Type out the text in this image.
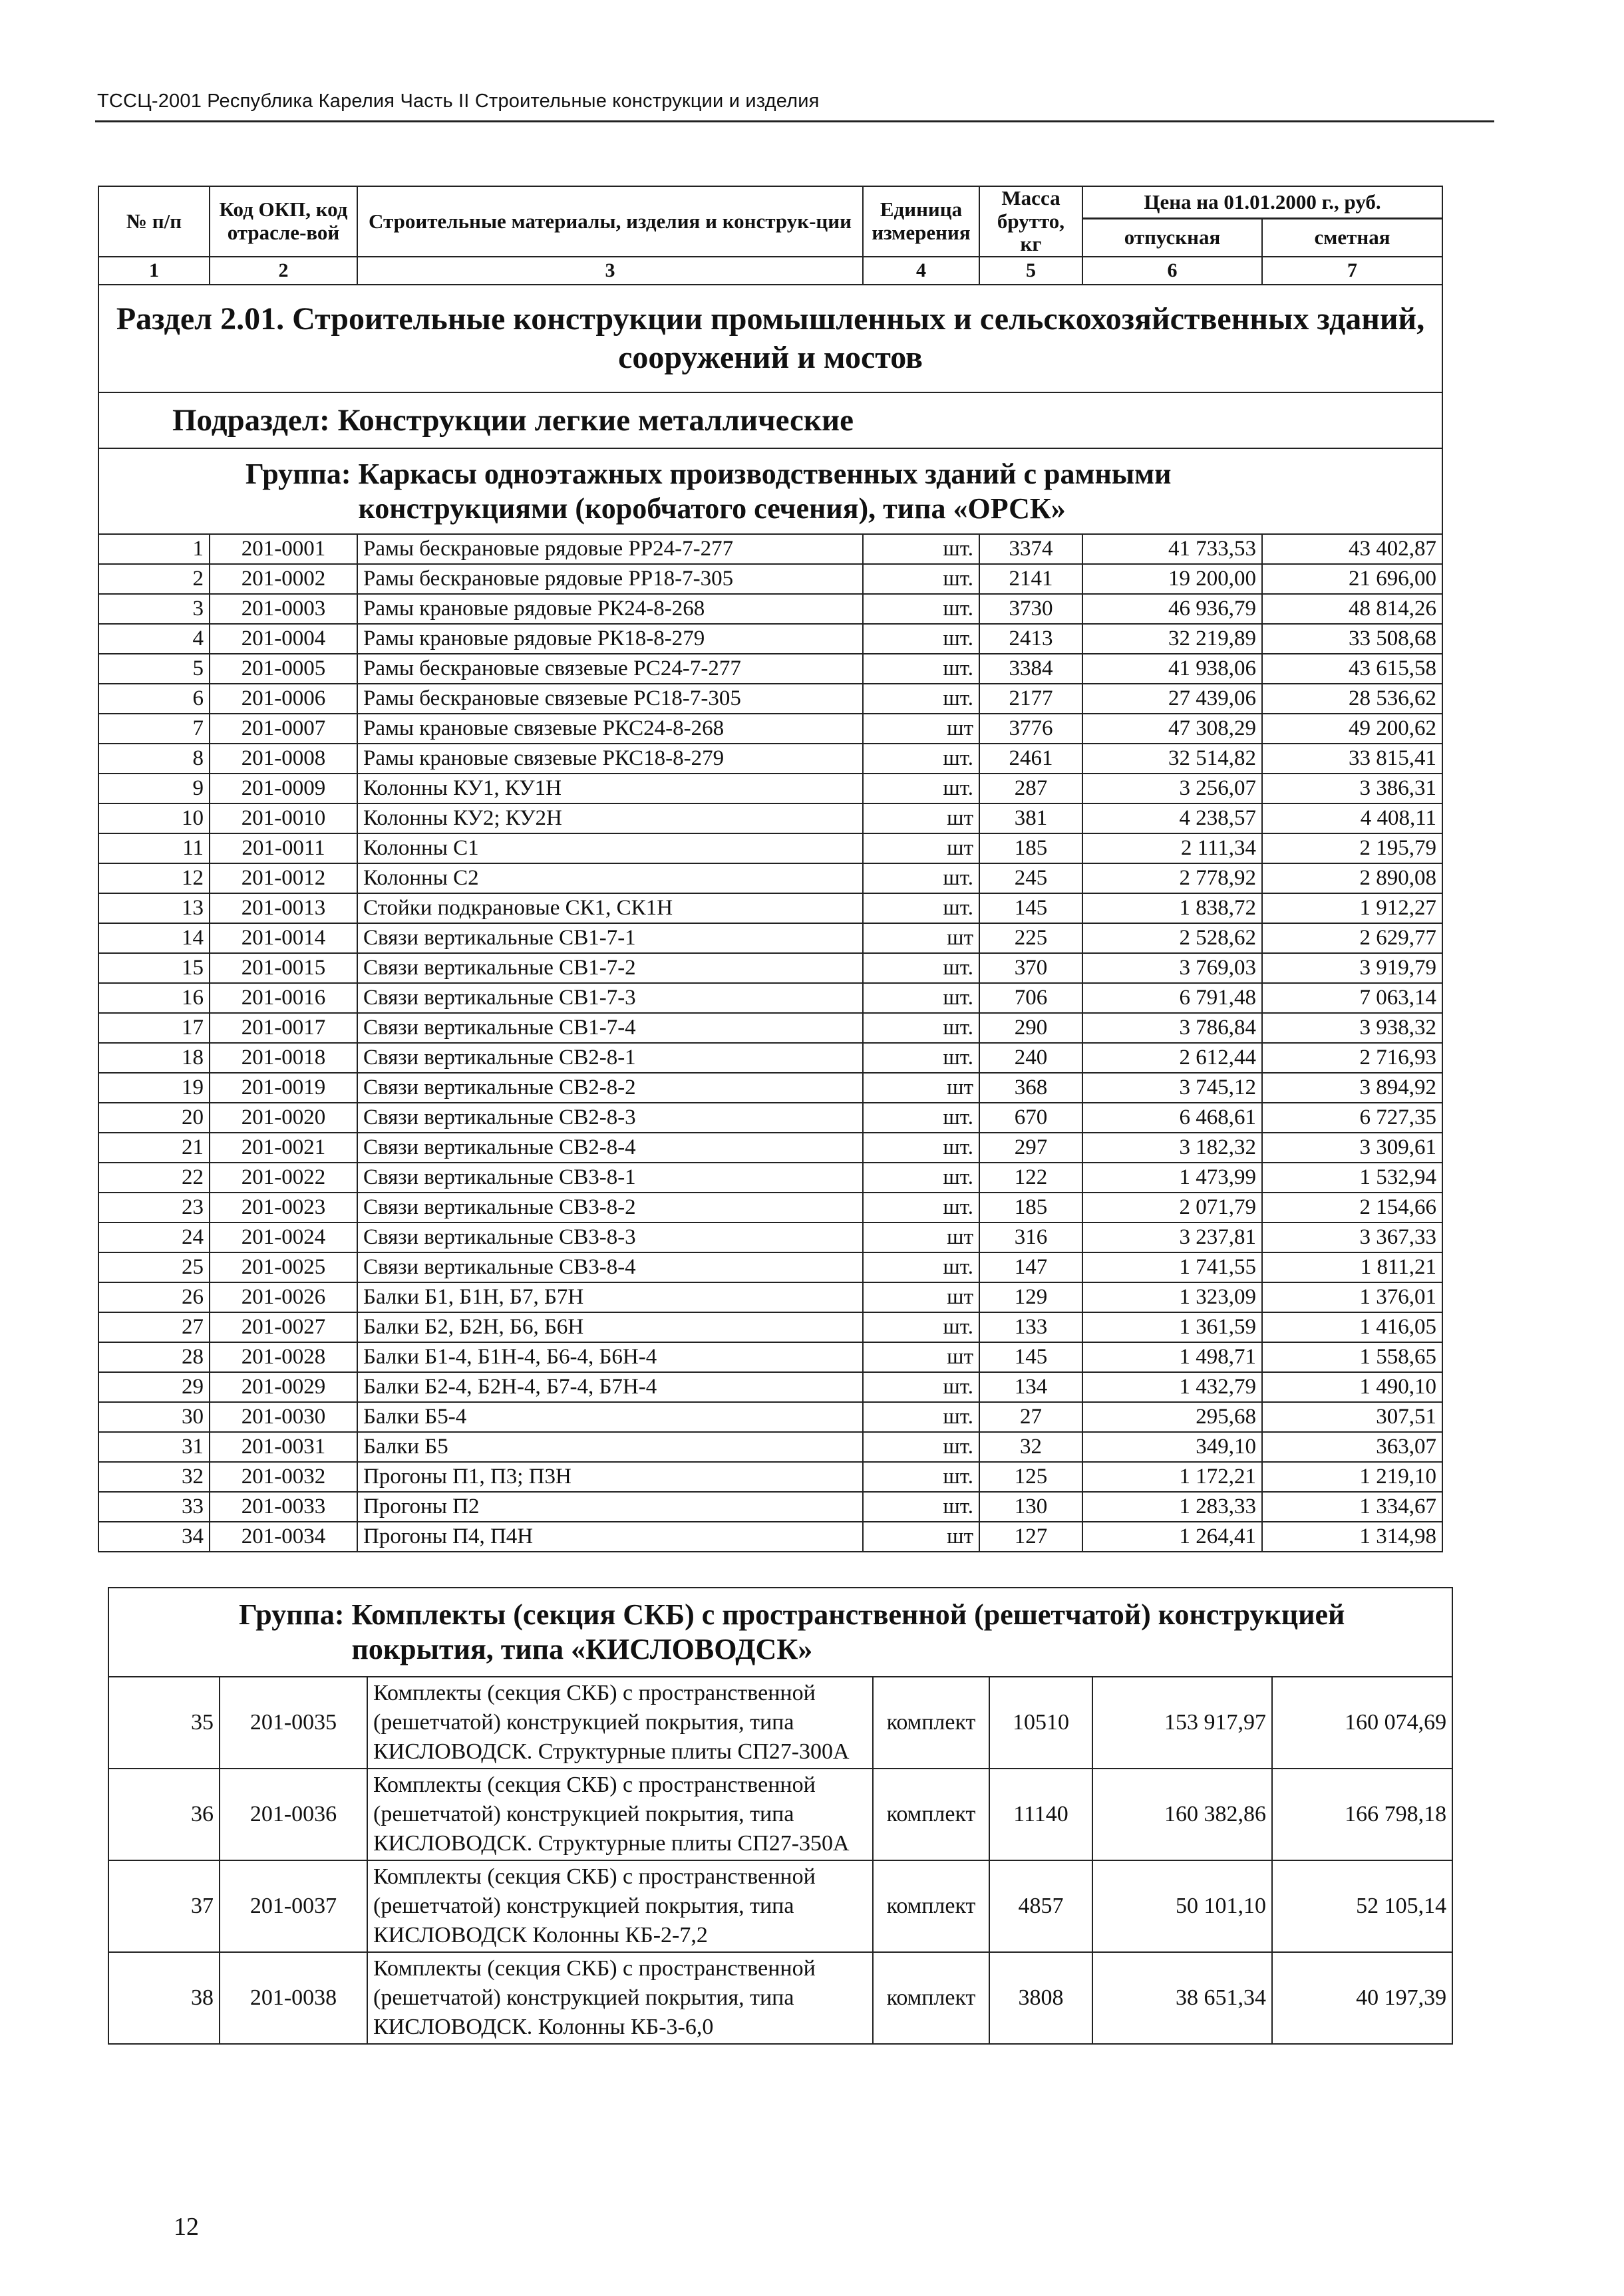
ТССЦ-2001 Республика Карелия Часть II Строительные конструкции и изделия
№ п/п	Код ОКП, код отрасле-вой	Строительные материалы, изделия и конструк-ции	Единица измерения	Масса брутто, кг	Цена на 01.01.2000 г., руб.	
					отпускная	сметная
1	2	3	4	5	6	7
Раздел 2.01. Строительные конструкции промышленных и сельскохозяйственных зданий, сооружений и мостов						
Подраздел: Конструкции легкие металлические						
Группа: Каркасы одноэтажных производственных зданий с рамными конструкциями (коробчатого сечения), типа «ОРСК»						
1	201-0001	Рамы бескрановые рядовые РР24-7-277	шт.	3374	41 733,53	43 402,87
2	201-0002	Рамы бескрановые рядовые РР18-7-305	шт.	2141	19 200,00	21 696,00
3	201-0003	Рамы крановые рядовые РК24-8-268	шт.	3730	46 936,79	48 814,26
4	201-0004	Рамы крановые рядовые РК18-8-279	шт.	2413	32 219,89	33 508,68
5	201-0005	Рамы бескрановые связевые РС24-7-277	шт.	3384	41 938,06	43 615,58
6	201-0006	Рамы бескрановые связевые РС18-7-305	шт.	2177	27 439,06	28 536,62
7	201-0007	Рамы крановые связевые РКС24-8-268	шт	3776	47 308,29	49 200,62
8	201-0008	Рамы крановые связевые РКС18-8-279	шт.	2461	32 514,82	33 815,41
9	201-0009	Колонны КУ1, КУ1Н	шт.	287	3 256,07	3 386,31
10	201-0010	Колонны КУ2; КУ2Н	шт	381	4 238,57	4 408,11
11	201-0011	Колонны С1	шт	185	2 111,34	2 195,79
12	201-0012	Колонны С2	шт.	245	2 778,92	2 890,08
13	201-0013	Стойки подкрановые СК1, СК1Н	шт.	145	1 838,72	1 912,27
14	201-0014	Связи вертикальные СВ1-7-1	шт	225	2 528,62	2 629,77
15	201-0015	Связи вертикальные СВ1-7-2	шт.	370	3 769,03	3 919,79
16	201-0016	Связи вертикальные СВ1-7-3	шт.	706	6 791,48	7 063,14
17	201-0017	Связи вертикальные СВ1-7-4	шт.	290	3 786,84	3 938,32
18	201-0018	Связи вертикальные СВ2-8-1	шт.	240	2 612,44	2 716,93
19	201-0019	Связи вертикальные СВ2-8-2	шт	368	3 745,12	3 894,92
20	201-0020	Связи вертикальные СВ2-8-3	шт.	670	6 468,61	6 727,35
21	201-0021	Связи вертикальные СВ2-8-4	шт.	297	3 182,32	3 309,61
22	201-0022	Связи вертикальные СВ3-8-1	шт.	122	1 473,99	1 532,94
23	201-0023	Связи вертикальные СВ3-8-2	шт.	185	2 071,79	2 154,66
24	201-0024	Связи вертикальные СВ3-8-3	шт	316	3 237,81	3 367,33
25	201-0025	Связи вертикальные СВ3-8-4	шт.	147	1 741,55	1 811,21
26	201-0026	Балки Б1, Б1Н, Б7, Б7Н	шт	129	1 323,09	1 376,01
27	201-0027	Балки Б2, Б2Н, Б6, Б6Н	шт.	133	1 361,59	1 416,05
28	201-0028	Балки Б1-4, Б1Н-4, Б6-4, Б6Н-4	шт	145	1 498,71	1 558,65
29	201-0029	Балки Б2-4, Б2Н-4, Б7-4, Б7Н-4	шт.	134	1 432,79	1 490,10
30	201-0030	Балки Б5-4	шт.	27	295,68	307,51
31	201-0031	Балки Б5	шт.	32	349,10	363,07
32	201-0032	Прогоны П1, П3; П3Н	шт.	125	1 172,21	1 219,10
33	201-0033	Прогоны П2	шт.	130	1 283,33	1 334,67
34	201-0034	Прогоны П4, П4Н	шт	127	1 264,41	1 314,98
Группа: Комплекты (секция СКБ) с пространственной (решетчатой) конструкцией покрытия, типа «КИСЛОВОДСК»						
35	201-0035	Комплекты (секция СКБ) с пространственной (решетчатой) конструкцией покрытия, типа КИСЛОВОДСК. Структурные плиты СП27-300А	комплект	10510	153 917,97	160 074,69
36	201-0036	Комплекты (секция СКБ) с пространственной (решетчатой) конструкцией покрытия, типа КИСЛОВОДСК. Структурные плиты СП27-350А	комплект	11140	160 382,86	166 798,18
37	201-0037	Комплекты (секция СКБ) с пространственной (решетчатой) конструкцией покрытия, типа КИСЛОВОДСК Колонны КБ-2-7,2	комплект	4857	50 101,10	52 105,14
38	201-0038	Комплекты (секция СКБ) с пространственной (решетчатой) конструкцией покрытия, типа КИСЛОВОДСК. Колонны КБ-3-6,0	комплект	3808	38 651,34	40 197,39
12
